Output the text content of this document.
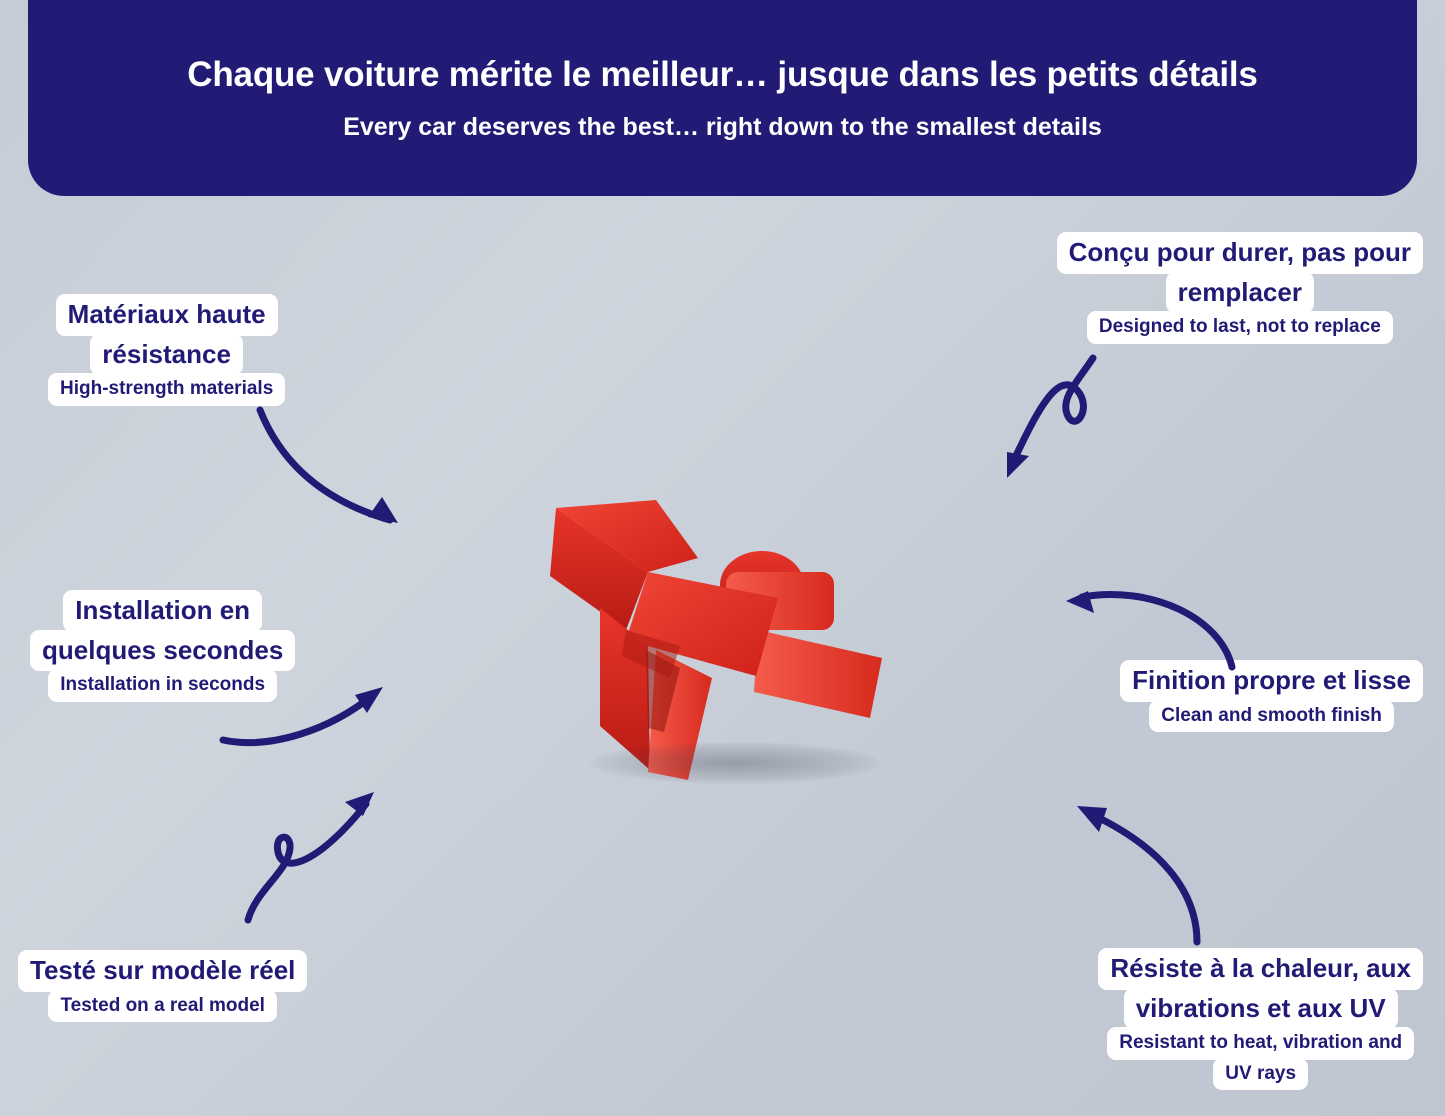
Chaque voiture mérite le meilleur… jusque dans les petits détails
Every car deserves the best… right down to the smallest details
Matériaux haute
résistance
High-strength materials
Installation en
quelques secondes
Installation in seconds
Testé sur modèle réel
Tested on a real model
Conçu pour durer, pas pour
remplacer
Designed to last, not to replace
Finition propre et lisse
Clean and smooth finish
Résiste à la chaleur, aux
vibrations et aux UV
Resistant to heat, vibration and
UV rays
